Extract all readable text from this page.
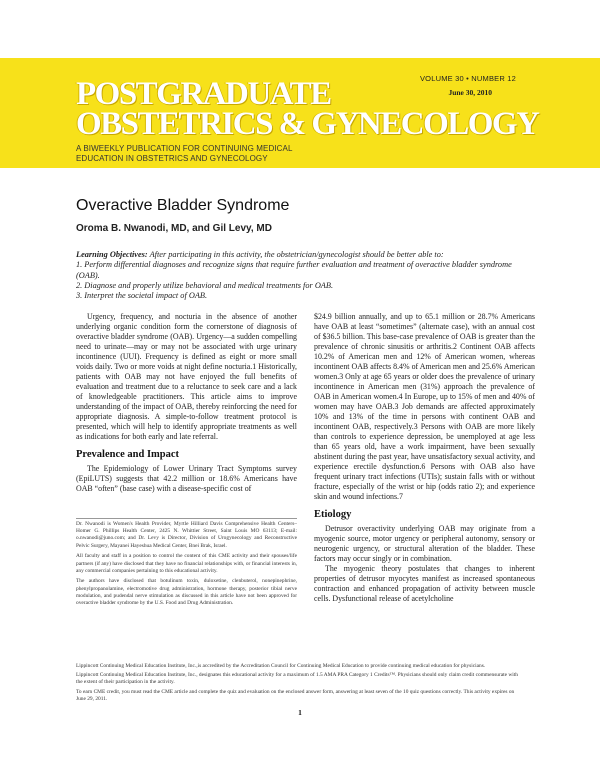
POSTGRADUATE
OBSTETRICS & GYNECOLOGY
VOLUME 30 • NUMBER 12
June 30, 2010
A BIWEEKLY PUBLICATION FOR CONTINUING MEDICAL EDUCATION IN OBSTETRICS AND GYNECOLOGY
Overactive Bladder Syndrome
Oroma B. Nwanodi, MD, and Gil Levy, MD

Learning Objectives: After participating in this activity, the obstetrician/gynecologist should be better able to:

1. Perform differential diagnoses and recognize signs that require further evaluation and treatment of overactive bladder syndrome (OAB).

2. Diagnose and properly utilize behavioral and medical treatments for OAB.

3. Interpret the societal impact of OAB.

Urgency, frequency, and nocturia in the absence of another underlying organic condition form the cornerstone of diagnosis of overactive bladder syndrome (OAB). Urgency—a sudden compelling need to urinate—may or may not be associated with urge urinary incontinence (UUI). Frequency is defined as eight or more small voids daily. Two or more voids at night define nocturia.1 Historically, patients with OAB may not have enjoyed the full benefits of evaluation and treatment due to a reluctance to seek care and a lack of knowledgeable practitioners. This article aims to improve understanding of the impact of OAB, thereby reinforcing the need for appropriate diagnosis. A simple-to-follow treatment protocol is presented, which will help to identify appropriate treatments as well as indications for both early and late referral.

Prevalence and Impact

The Epidemiology of Lower Urinary Tract Symptoms survey (EpiLUTS) suggests that 42.2 million or 18.6% Americans have OAB “often” (base case) with a disease-specific cost of

Dr. Nwanodi is Women's Health Provider, Myrtle Hilliard Davis Comprehensive Health Centers–Homer G. Phillips Health Center, 2425 N. Whittier Street, Saint Louis MO 63113; E-mail: o.nwanodi@juno.com; and Dr. Levy is Director, Division of Urogynecology and Reconstructive Pelvic Surgery, Mayanei Hayeshua Medical Center, Bnei Brak, Israel.

All faculty and staff in a position to control the content of this CME activity and their spouses/life partners (if any) have disclosed that they have no financial relationships with, or financial interests in, any commercial companies pertaining to this educational activity.

The authors have disclosed that botulinum toxin, duloxetine, clenbuterol, nonepinephrine, phenylpropanolamine, electromotive drug administration, hormone therapy, posterior tibial nerve modulation, and pudendal nerve stimulation as discussed in this article have not been approved for overactive bladder syndrome by the U.S. Food and Drug Administration.

$24.9 billion annually, and up to 65.1 million or 28.7% Americans have OAB at least “sometimes” (alternate case), with an annual cost of $36.5 billion. This base-case prevalence of OAB is greater than the prevalence of chronic sinusitis or arthritis.2 Continent OAB affects 10.2% of American men and 12% of American women, whereas incontinent OAB affects 8.4% of American men and 25.6% American women.3 Only at age 65 years or older does the prevalence of urinary incontinence in American men (31%) approach the prevalence of OAB in American women.4 In Europe, up to 15% of men and 40% of women may have OAB.3 Job demands are affected approximately 10% and 13% of the time in persons with continent OAB and incontinent OAB, respectively.3 Persons with OAB are more likely than controls to experience depression, be unemployed at age less than 65 years old, have a work impairment, have been sexually abstinent during the past year, have unsatisfactory sexual activity, and experience erectile dysfunction.6 Persons with OAB also have frequent urinary tract infections (UTIs); sustain falls with or without fracture, especially of the wrist or hip (odds ratio 2); and experience skin and wound infections.7

Etiology

Detrusor overactivity underlying OAB may originate from a myogenic source, motor urgency or peripheral autonomy, sensory or neurogenic urgency, or structural alteration of the bladder. These factors may occur singly or in combination.

The myogenic theory postulates that changes to inherent properties of detrusor myocytes manifest as increased spontaneous contraction and enhanced propagation of activity between muscle cells. Dysfunctional release of acetylcholine

Lippincott Continuing Medical Education Institute, Inc.,is accredited by the Accreditation Council for Continuing Medical Education to provide continuing medical education for physicians.

Lippincott Continuing Medical Education Institute, Inc., designates this educational activity for a maximum of 1.5 AMA PRA Category 1 Credits™. Physicians should only claim credit commensurate with the extent of their participation in the activity.

To earn CME credit, you must read the CME article and complete the quiz and evaluation on the enclosed answer form, answering at least seven of the 10 quiz questions correctly. This activity expires on June 29, 2011.

1
